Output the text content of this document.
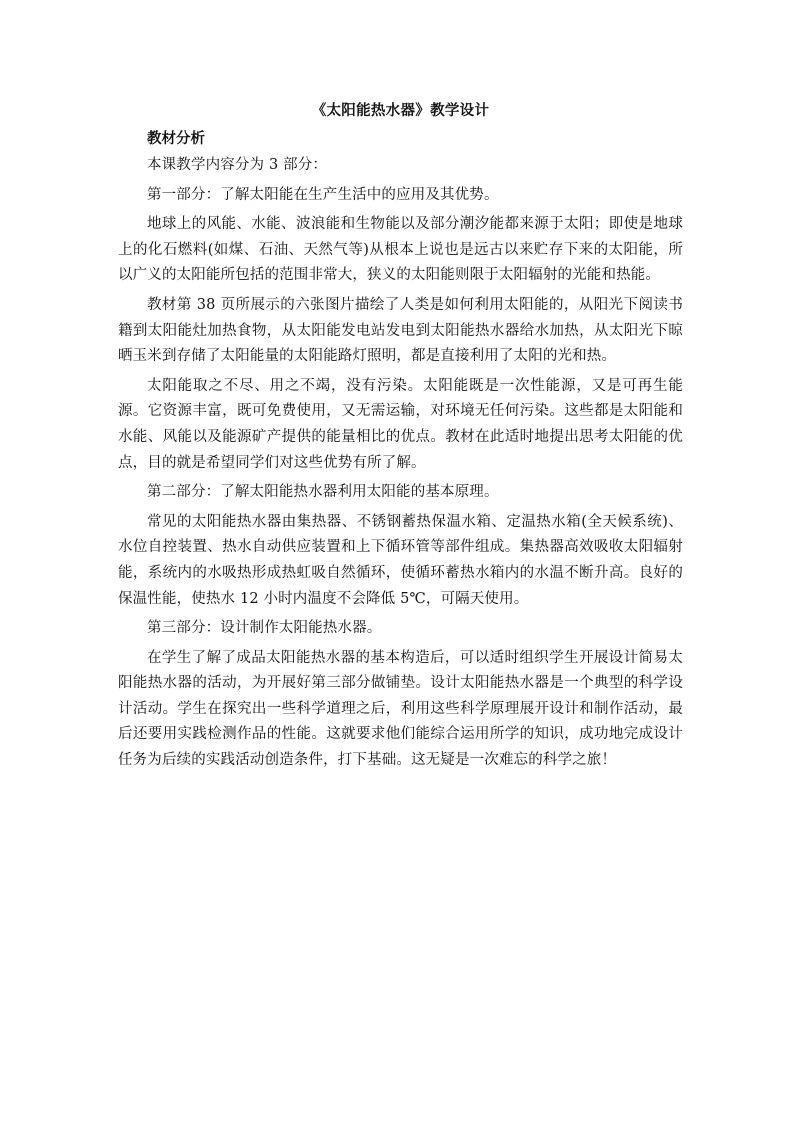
《太阳能热水器》教学设计
教材分析

本课教学内容分为 3 部分：

第一部分：了解太阳能在生产生活中的应用及其优势。

地球上的风能、水能、波浪能和生物能以及部分潮汐能都来源于太阳；即使是地球上的化石燃料(如煤、石油、天然气等)从根本上说也是远古以来贮存下来的太阳能，所以广义的太阳能所包括的范围非常大，狭义的太阳能则限于太阳辐射的光能和热能。

教材第 38 页所展示的六张图片描绘了人类是如何利用太阳能的，从阳光下阅读书籍到太阳能灶加热食物，从太阳能发电站发电到太阳能热水器给水加热，从太阳光下晾晒玉米到存储了太阳能量的太阳能路灯照明，都是直接利用了太阳的光和热。

太阳能取之不尽、用之不竭，没有污染。太阳能既是一次性能源，又是可再生能源。它资源丰富，既可免费使用，又无需运输，对环境无任何污染。这些都是太阳能和水能、风能以及能源矿产提供的能量相比的优点。教材在此适时地提出思考太阳能的优点，目的就是希望同学们对这些优势有所了解。

第二部分：了解太阳能热水器利用太阳能的基本原理。

常见的太阳能热水器由集热器、不锈钢蓄热保温水箱、定温热水箱(全天候系统)、水位自控装置、热水自动供应装置和上下循环管等部件组成。集热器高效吸收太阳辐射能，系统内的水吸热形成热虹吸自然循环，使循环蓄热水箱内的水温不断升高。良好的保温性能，使热水 12 小时内温度不会降低 5℃，可隔天使用。

第三部分：设计制作太阳能热水器。

在学生了解了成品太阳能热水器的基本构造后，可以适时组织学生开展设计简易太阳能热水器的活动，为开展好第三部分做铺垫。设计太阳能热水器是一个典型的科学设计活动。学生在探究出一些科学道理之后，利用这些科学原理展开设计和制作活动，最后还要用实践检测作品的性能。这就要求他们能综合运用所学的知识，成功地完成设计任务为后续的实践活动创造条件，打下基础。这无疑是一次难忘的科学之旅！
